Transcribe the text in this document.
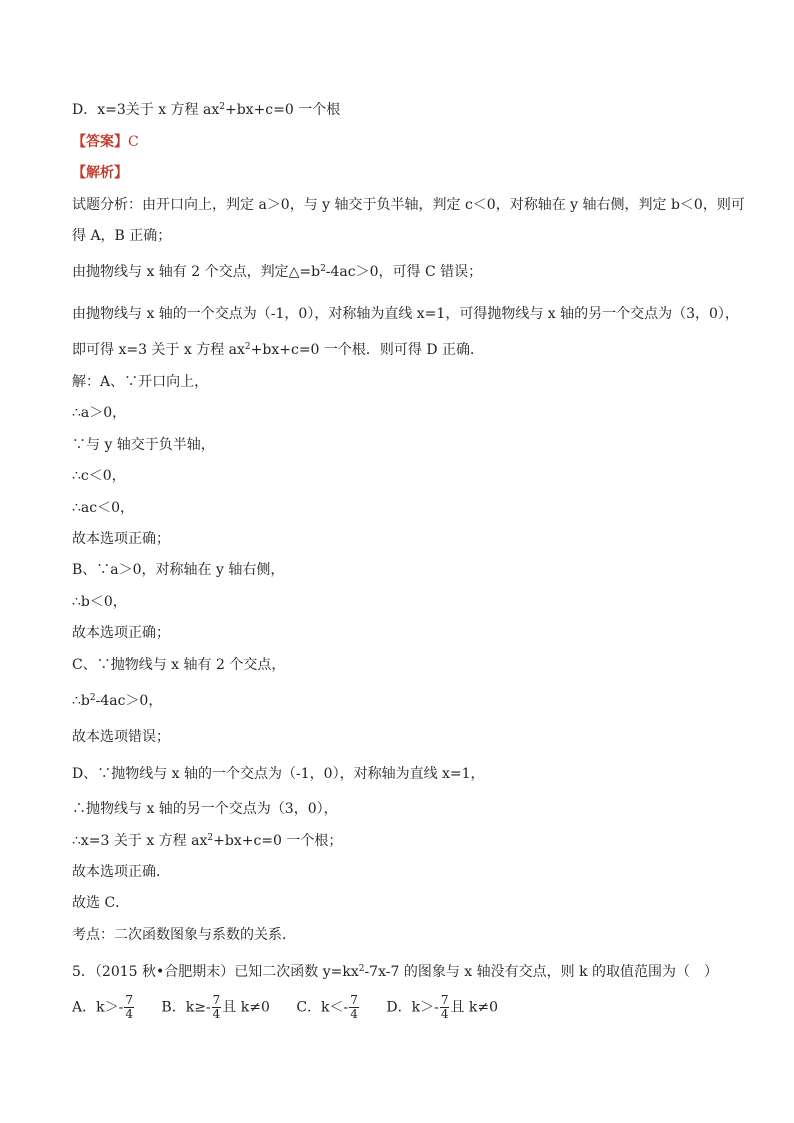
D．x=3关于 x 方程 $ax^2+bx+c=0$ 一个根
【答案】C
【解析】
试题分析：由开口向上，判定 a＞0，与 y 轴交于负半轴，判定 c＜0，对称轴在 y 轴右侧，判定 b＜0，则可
得 A，B 正确；
由抛物线与 x 轴有 2 个交点，判定$\triangle=b^2-4ac>0$，可得 C 错误；
由抛物线与 x 轴的一个交点为（-1，0），对称轴为直线 x=1，可得抛物线与 x 轴的另一个交点为（3，0），
即可得 x=3 关于 x 方程 $ax^2+bx+c=0$ 一个根．则可得 D 正确．
解：A、∵开口向上，
∴a＞0，
∵与 y 轴交于负半轴，
∴c＜0，
∴ac＜0，
故本选项正确；
B、∵a＞0，对称轴在 y 轴右侧，
∴b＜0，
故本选项正确；
C、∵抛物线与 x 轴有 2 个交点，
$\therefore b^2-4ac>0$，
故本选项错误；
D、∵抛物线与 x 轴的一个交点为（-1，0），对称轴为直线 x=1，
∴抛物线与 x 轴的另一个交点为（3，0），
∴x=3 关于 x 方程 $ax^2+bx+c=0$ 一个根；
故本选项正确．
故选 C．
考点：二次函数图象与系数的关系．
5．（2015 秋•合肥期末）已知二次函数 $y=kx^2-7x-7$ 的图象与 x 轴没有交点，则 k 的取值范围为（　）
A．$k>- \frac{7}{4}$ B．$k\ge- \frac{7}{4}$ 且 k≠0 C．$k<- \frac{7}{4}$ D．$k>- \frac{7}{4}$ 且 k≠0
